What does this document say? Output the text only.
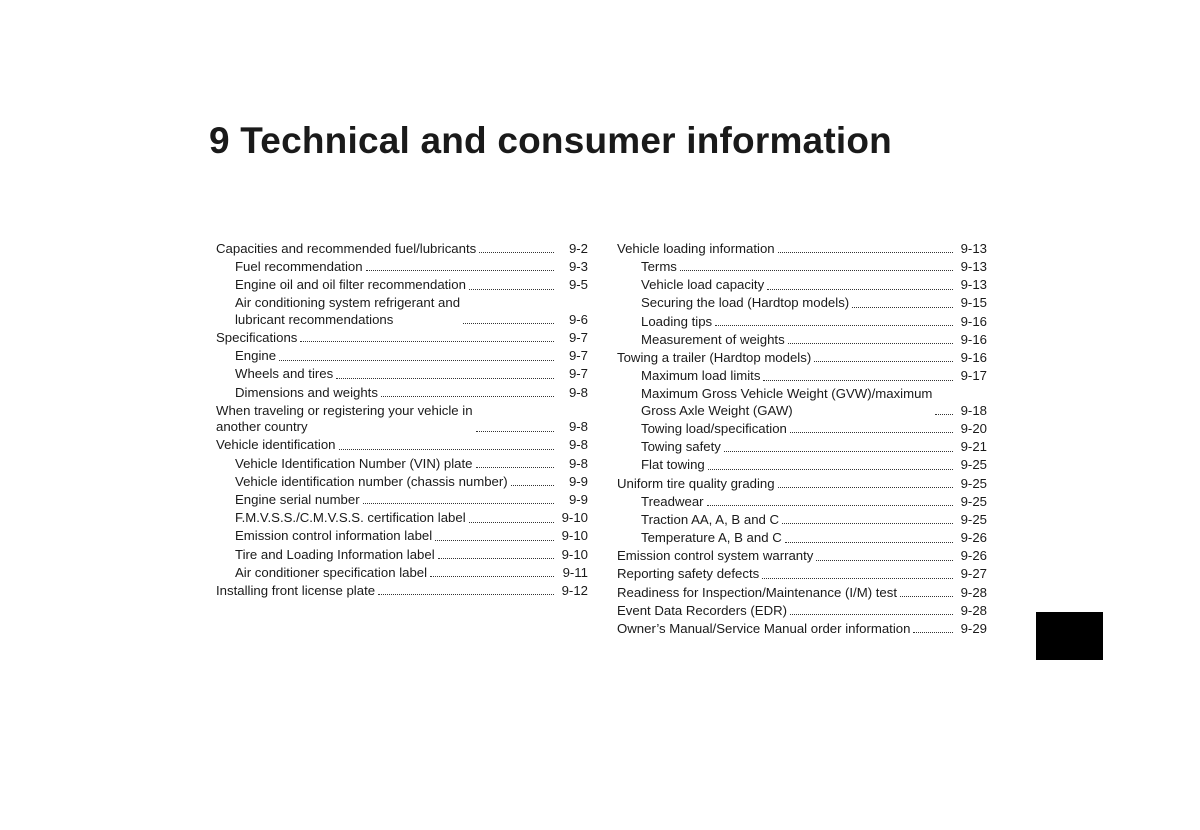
9 Technical and consumer information
Capacities and recommended fuel/lubricants	9-2
Fuel recommendation	9-3
Engine oil and oil filter recommendation	9-5
Air conditioning system refrigerant and
lubricant recommendations	9-6
Specifications	9-7
Engine	9-7
Wheels and tires	9-7
Dimensions and weights	9-8
When traveling or registering your vehicle in
another country	9-8
Vehicle identification	9-8
Vehicle Identification Number (VIN) plate	9-8
Vehicle identification number (chassis number)	9-9
Engine serial number	9-9
F.M.V.S.S./C.M.V.S.S. certification label	9-10
Emission control information label	9-10
Tire and Loading Information label	9-10
Air conditioner specification label	9-11
Installing front license plate	9-12
Vehicle loading information	9-13
Terms	9-13
Vehicle load capacity	9-13
Securing the load (Hardtop models)	9-15
Loading tips	9-16
Measurement of weights	9-16
Towing a trailer (Hardtop models)	9-16
Maximum load limits	9-17
Maximum Gross Vehicle Weight (GVW)/maximum
Gross Axle Weight (GAW)	9-18
Towing load/specification	9-20
Towing safety	9-21
Flat towing	9-25
Uniform tire quality grading	9-25
Treadwear	9-25
Traction AA, A, B and C	9-25
Temperature A, B and C	9-26
Emission control system warranty	9-26
Reporting safety defects	9-27
Readiness for Inspection/Maintenance (I/M) test	9-28
Event Data Recorders (EDR)	9-28
Owner’s Manual/Service Manual order information	9-29
